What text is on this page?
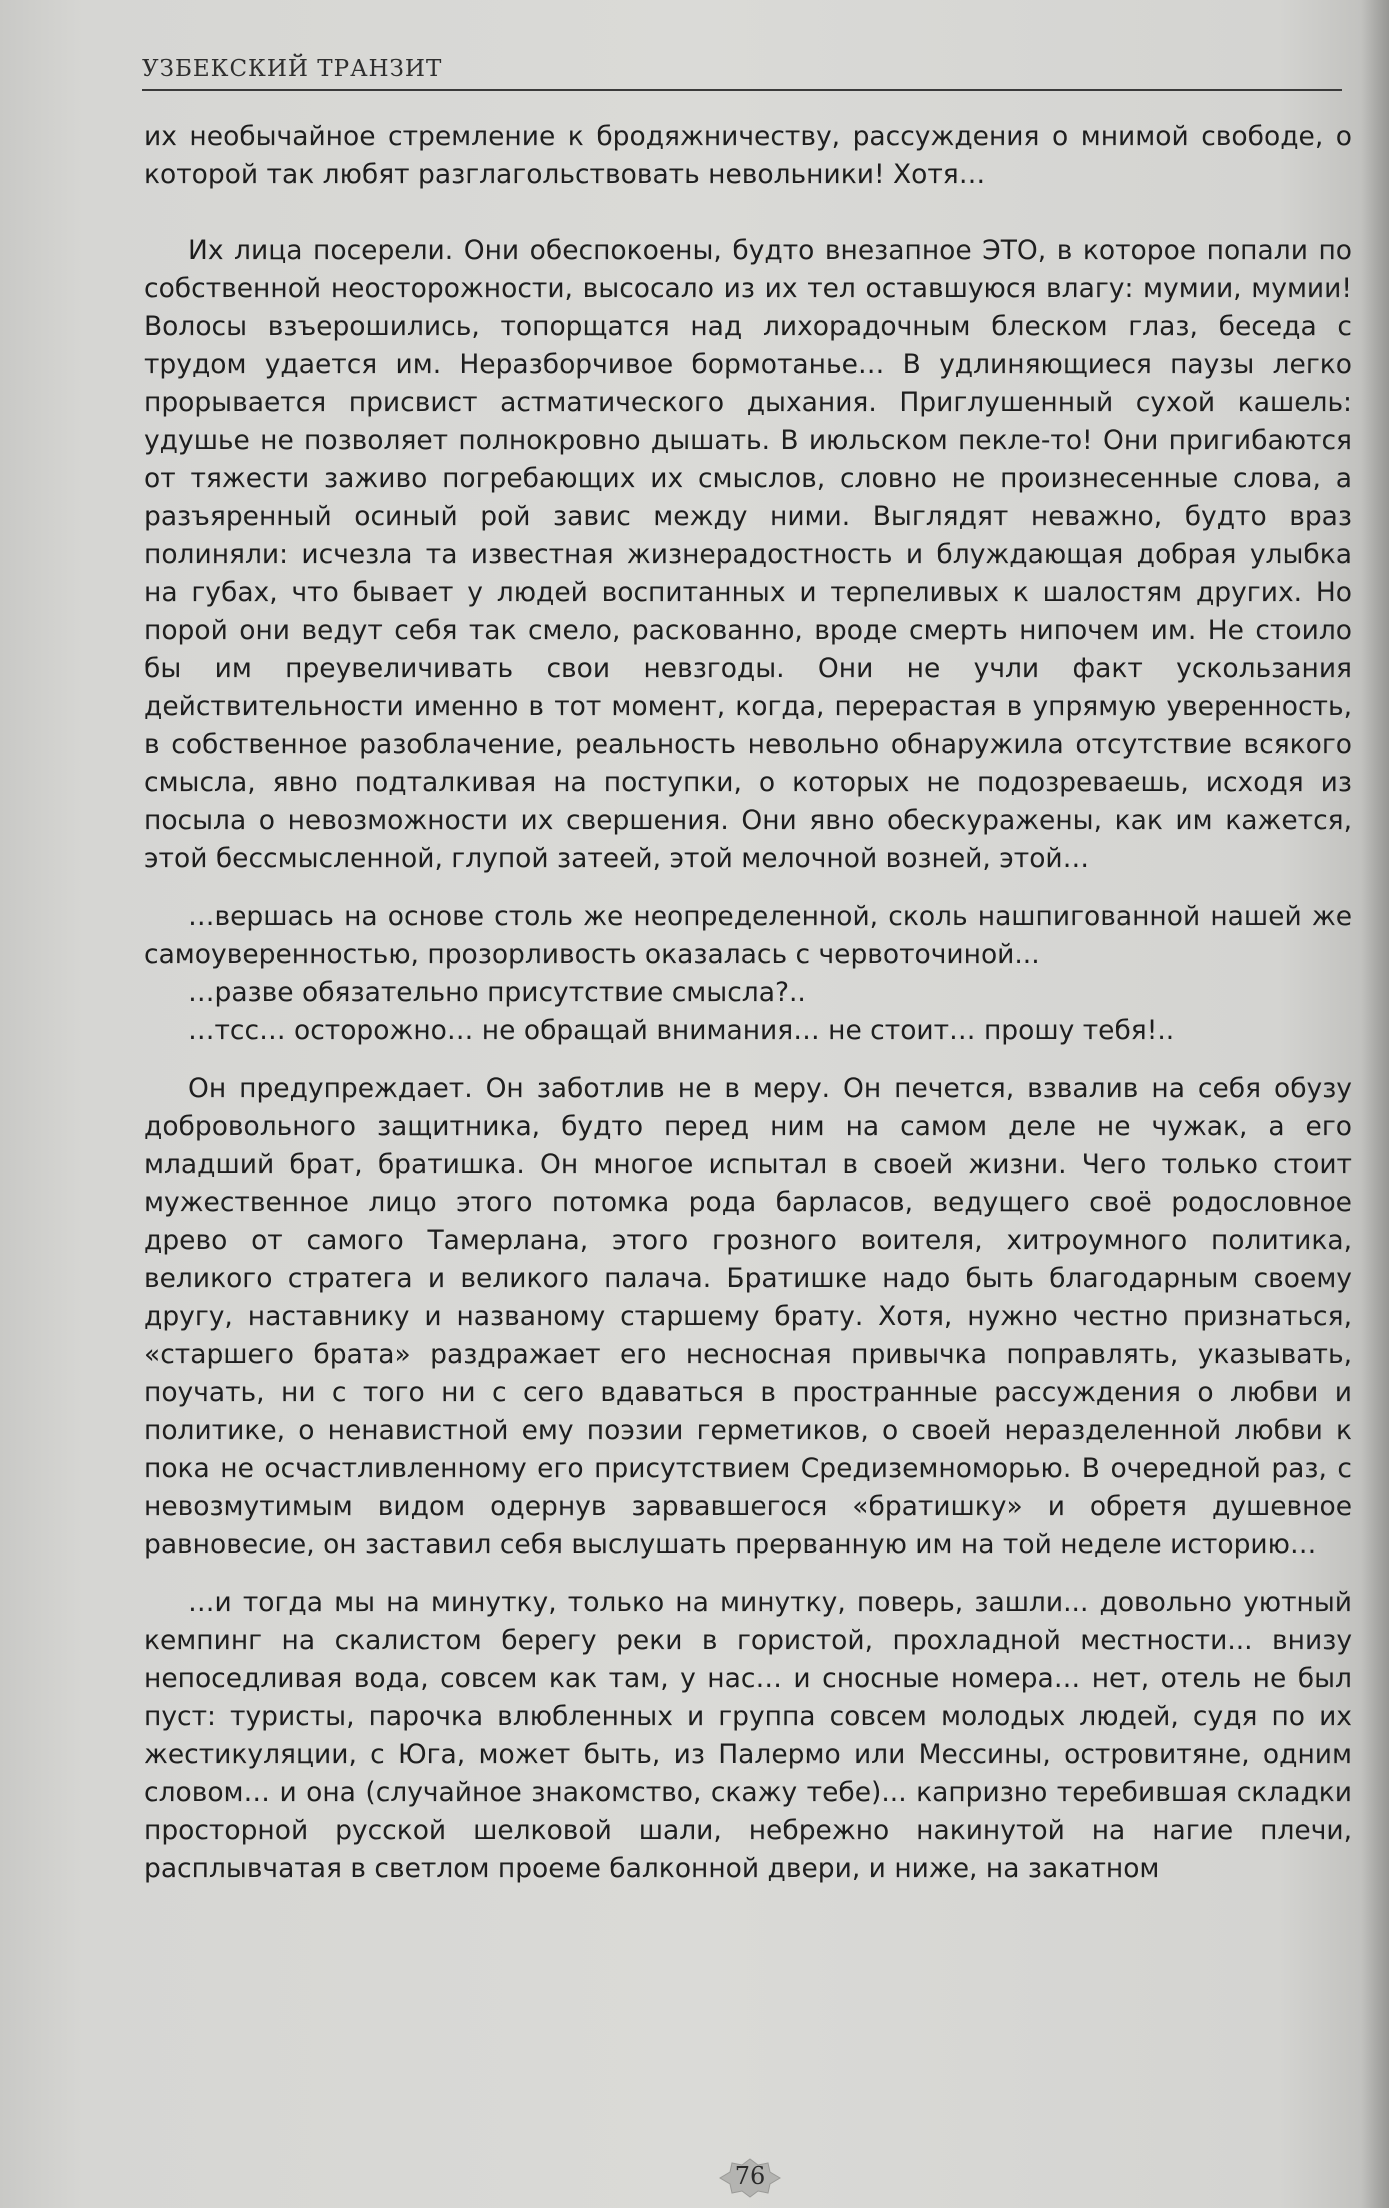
УЗБЕКСКИЙ ТРАНЗИТ

их необычайное стремление к бродяжничеству, рассуждения о мнимой свободе, о которой так любят разглагольствовать невольники! Хотя…

Их лица посерели. Они обеспокоены, будто внезапное ЭТО, в которое попали по собственной неосторожности, высосало из их тел оставшуюся влагу: мумии, мумии! Волосы взъерошились, топорщатся над лихорадочным блеском глаз, беседа с трудом удается им. Неразборчивое бормотанье… В удлиняющиеся паузы легко прорывается присвист астматического дыхания. Приглушенный сухой кашель: удушье не позволяет полнокровно дышать. В июльском пекле-то! Они пригибаются от тяжести заживо погребающих их смыслов, словно не произнесенные слова, а разъяренный осиный рой завис между ними. Выглядят неважно, будто враз полиняли: исчезла та известная жизнерадостность и блуждающая добрая улыбка на губах, что бывает у людей воспитанных и терпеливых к шалостям других. Но порой они ведут себя так смело, раскованно, вроде смерть нипочем им. Не стоило бы им преувеличивать свои невзгоды. Они не учли факт ускользания действительности именно в тот момент, когда, перерастая в упрямую уверенность, в собственное разоблачение, реальность невольно обнаружила отсутствие всякого смысла, явно подталкивая на поступки, о которых не подозреваешь, исходя из посыла о невозможности их свершения. Они явно обескуражены, как им кажется, этой бессмысленной, глупой затеей, этой мелочной возней, этой…

…вершась на основе столь же неопределенной, сколь нашпигованной нашей же самоуверенностью, прозорливость оказалась с червоточиной...

…разве обязательно присутствие смысла?..

…тсс… осторожно… не обращай внимания… не стоит… прошу тебя!..

Он предупреждает. Он заботлив не в меру. Он печется, взвалив на себя обузу добровольного защитника, будто перед ним на самом деле не чужак, а его младший брат, братишка. Он многое испытал в своей жизни. Чего только стоит мужественное лицо этого потомка рода барласов, ведущего своё родословное древо от самого Тамерлана, этого грозного воителя, хитроумного политика, великого стратега и великого палача. Братишке надо быть благодарным своему другу, наставнику и названому старшему брату. Хотя, нужно честно признаться, «старшего брата» раздражает его несносная привычка поправлять, указывать, поучать, ни с того ни с сего вдаваться в пространные рассуждения о любви и политике, о ненавистной ему поэзии герметиков, о своей неразделенной любви к пока не осчастливленному его присутствием Средиземноморью. В очередной раз, с невозмутимым видом одернув зарвавшегося «братишку» и обретя душевное равновесие, он заставил себя выслушать прерванную им на той неделе историю…

…и тогда мы на минутку, только на минутку, поверь, зашли... довольно уютный кемпинг на скалистом берегу реки в гористой, прохладной местности... внизу непоседливая вода, совсем как там, у нас… и сносные номера… нет, отель не был пуст: туристы, парочка влюбленных и группа совсем молодых людей, судя по их жестикуляции, с Юга, может быть, из Палермо или Мессины, островитяне, одним словом… и она (случайное знакомство, скажу тебе)... капризно теребившая складки просторной русской шелковой шали, небрежно накинутой на нагие плечи, расплывчатая в светлом проеме балконной двери, и ниже, на закатном

76
